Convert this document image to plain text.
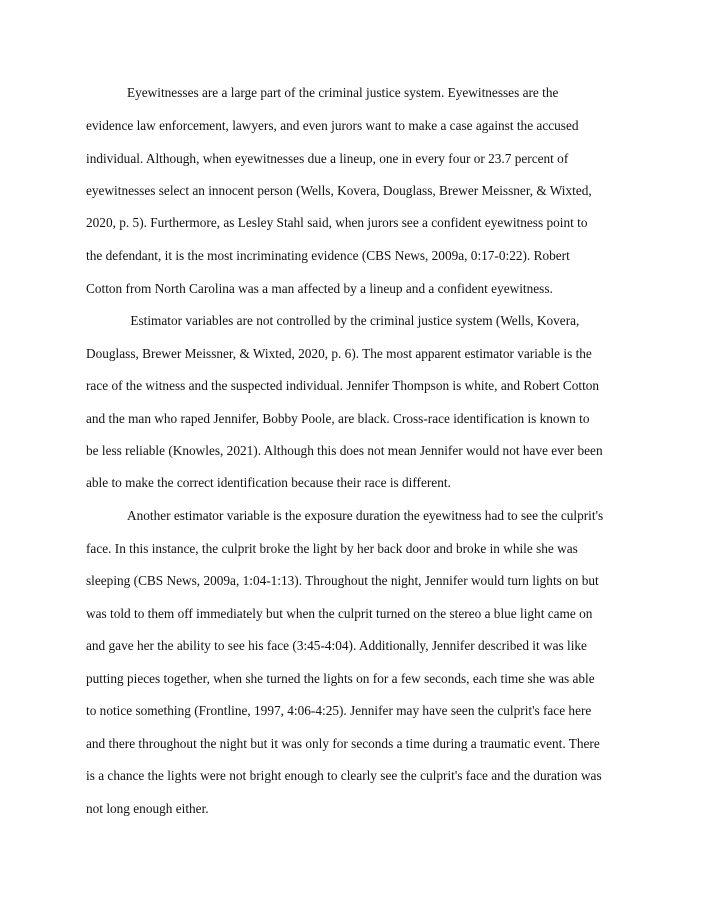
Eyewitnesses are a large part of the criminal justice system. Eyewitnesses are the

evidence law enforcement, lawyers, and even jurors want to make a case against the accused

individual. Although, when eyewitnesses due a lineup, one in every four or 23.7 percent of

eyewitnesses select an innocent person (Wells, Kovera, Douglass, Brewer Meissner, & Wixted,

2020, p. 5). Furthermore, as Lesley Stahl said, when jurors see a confident eyewitness point to

the defendant, it is the most incriminating evidence (CBS News, 2009a, 0:17-0:22). Robert

Cotton from North Carolina was a man affected by a lineup and a confident eyewitness.

Estimator variables are not controlled by the criminal justice system (Wells, Kovera,

Douglass, Brewer Meissner, & Wixted, 2020, p. 6). The most apparent estimator variable is the

race of the witness and the suspected individual. Jennifer Thompson is white, and Robert Cotton

and the man who raped Jennifer, Bobby Poole, are black. Cross-race identification is known to

be less reliable (Knowles, 2021). Although this does not mean Jennifer would not have ever been

able to make the correct identification because their race is different.

Another estimator variable is the exposure duration the eyewitness had to see the culprit's

face. In this instance, the culprit broke the light by her back door and broke in while she was

sleeping (CBS News, 2009a, 1:04-1:13). Throughout the night, Jennifer would turn lights on but

was told to them off immediately but when the culprit turned on the stereo a blue light came on

and gave her the ability to see his face (3:45-4:04). Additionally, Jennifer described it was like

putting pieces together, when she turned the lights on for a few seconds, each time she was able

to notice something (Frontline, 1997, 4:06-4:25). Jennifer may have seen the culprit's face here

and there throughout the night but it was only for seconds a time during a traumatic event. There

is a chance the lights were not bright enough to clearly see the culprit's face and the duration was

not long enough either.
